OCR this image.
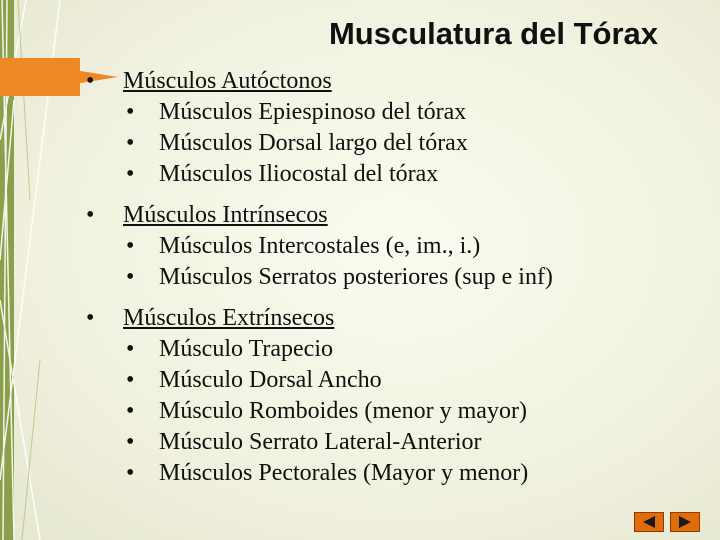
Musculatura del Tórax
•	Músculos Autóctonos
•	Músculos Epiespinoso del tórax
•	Músculos Dorsal largo del tórax
•	Músculos Iliocostal del tórax
•	Músculos Intrínsecos
•	Músculos Intercostales (e, im., i.)
•	Músculos Serratos posteriores (sup e inf)
•	Músculos Extrínsecos
•	Músculo Trapecio
•	Músculo Dorsal Ancho
•	Músculo Romboides (menor y mayor)
•	Músculo Serrato Lateral-Anterior
•	Músculos Pectorales (Mayor y menor)
